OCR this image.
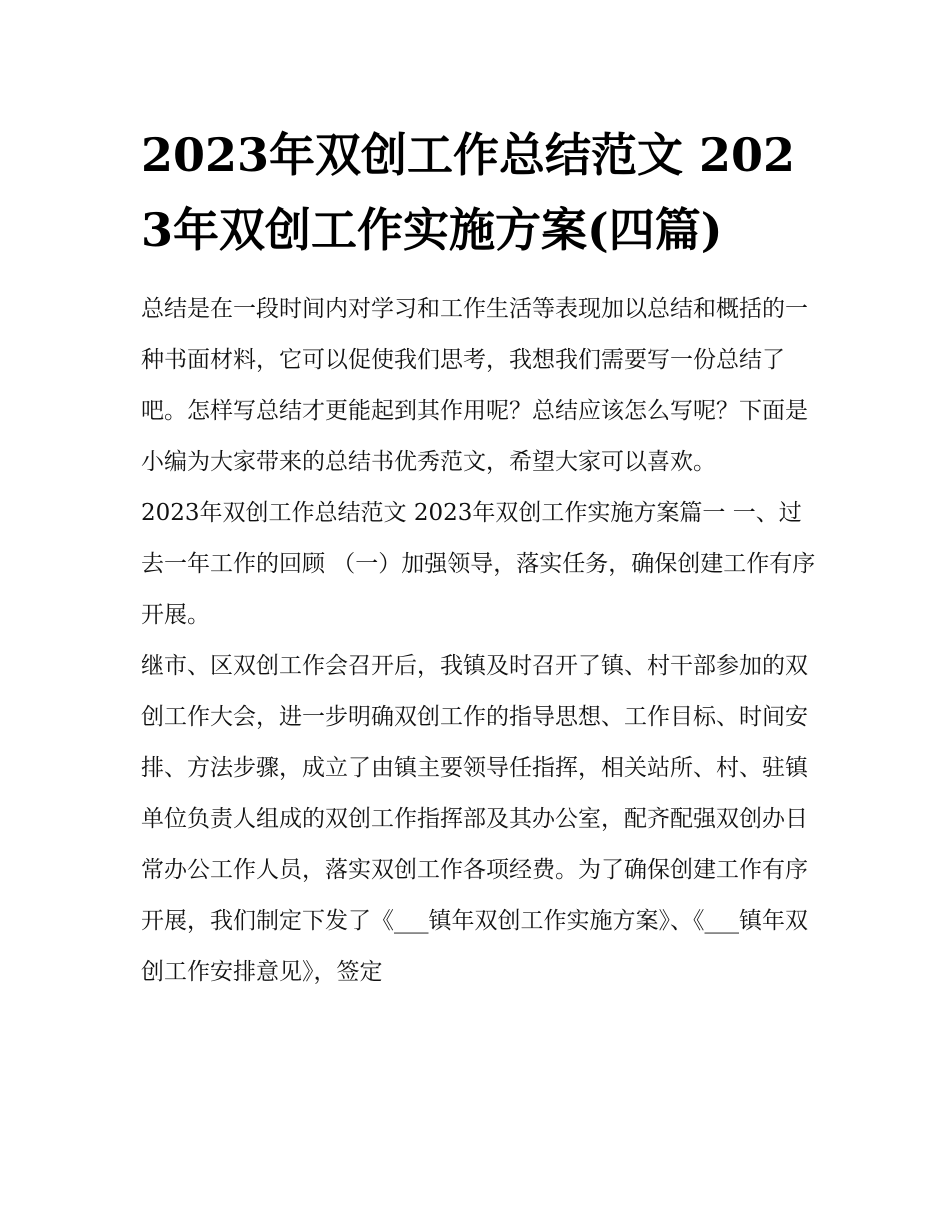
2023年双创工作总结范文 2023年双创工作实施方案(四篇)

总结是在一段时间内对学习和工作生活等表现加以总结和概括的一种书面材料，它可以促使我们思考，我想我们需要写一份总结了吧。怎样写总结才更能起到其作用呢？总结应该怎么写呢？下面是小编为大家带来的总结书优秀范文，希望大家可以喜欢。

2023年双创工作总结范文 2023年双创工作实施方案篇一 一、过去一年工作的回顾 （一）加强领导，落实任务，确保创建工作有序开展。

继市、区双创工作会召开后，我镇及时召开了镇、村干部参加的双创工作大会，进一步明确双创工作的指导思想、工作目标、时间安排、方法步骤，成立了由镇主要领导任指挥，相关站所、村、驻镇单位负责人组成的双创工作指挥部及其办公室，配齐配强双创办日常办公工作人员，落实双创工作各项经费。为了确保创建工作有序开展，我们制定下发了《___镇年双创工作实施方案》、《___镇年双创工作安排意见》，签定
